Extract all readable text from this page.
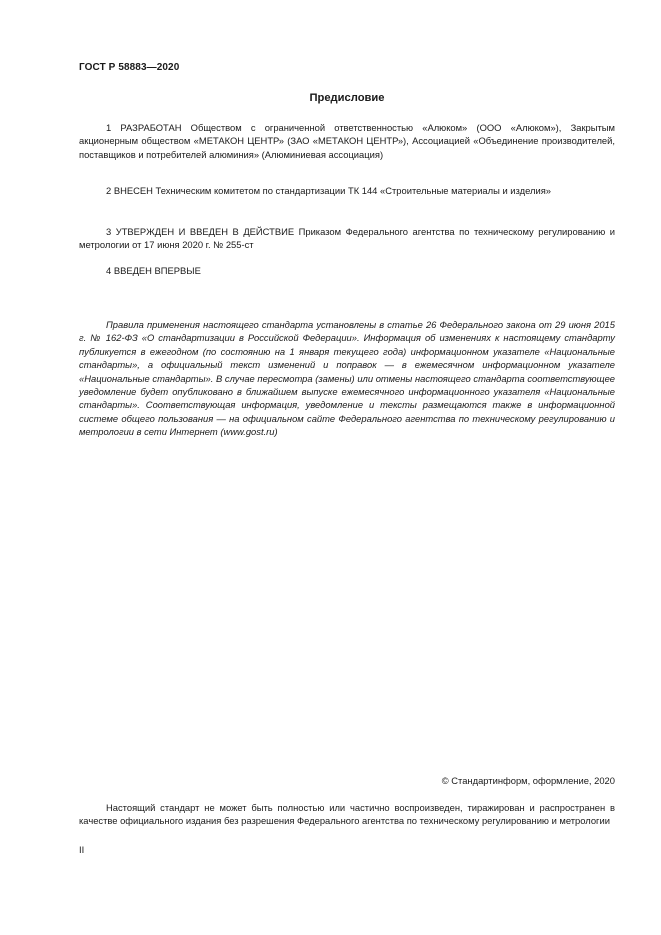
ГОСТ Р 58883—2020
Предисловие

1 РАЗРАБОТАН Обществом с ограниченной ответственностью «Алюком» (ООО «Алюком»), Закрытым акционерным обществом «МЕТАКОН ЦЕНТР» (ЗАО «МЕТАКОН ЦЕНТР»), Ассоциацией «Объединение производителей, поставщиков и потребителей алюминия» (Алюминиевая ассоциация)

2 ВНЕСЕН Техническим комитетом по стандартизации ТК 144 «Строительные материалы и изделия»

3 УТВЕРЖДЕН И ВВЕДЕН В ДЕЙСТВИЕ Приказом Федерального агентства по техническому регулированию и метрологии от 17 июня 2020 г. № 255-ст

4 ВВЕДЕН ВПЕРВЫЕ

Правила применения настоящего стандарта установлены в статье 26 Федерального закона от 29 июня 2015 г. № 162-ФЗ «О стандартизации в Российской Федерации». Информация об изменениях к настоящему стандарту публикуется в ежегодном (по состоянию на 1 января текущего года) информационном указателе «Национальные стандарты», а официальный текст изменений и поправок — в ежемесячном информационном указателе «Национальные стандарты». В случае пересмотра (замены) или отмены настоящего стандарта соответствующее уведомление будет опубликовано в ближайшем выпуске ежемесячного информационного указателя «Национальные стандарты». Соответствующая информация, уведомление и тексты размещаются также в информационной системе общего пользования — на официальном сайте Федерального агентства по техническому регулированию и метрологии в сети Интернет (www.gost.ru)

© Стандартинформ, оформление, 2020

Настоящий стандарт не может быть полностью или частично воспроизведен, тиражирован и распространен в качестве официального издания без разрешения Федерального агентства по техническому регулированию и метрологии

II
